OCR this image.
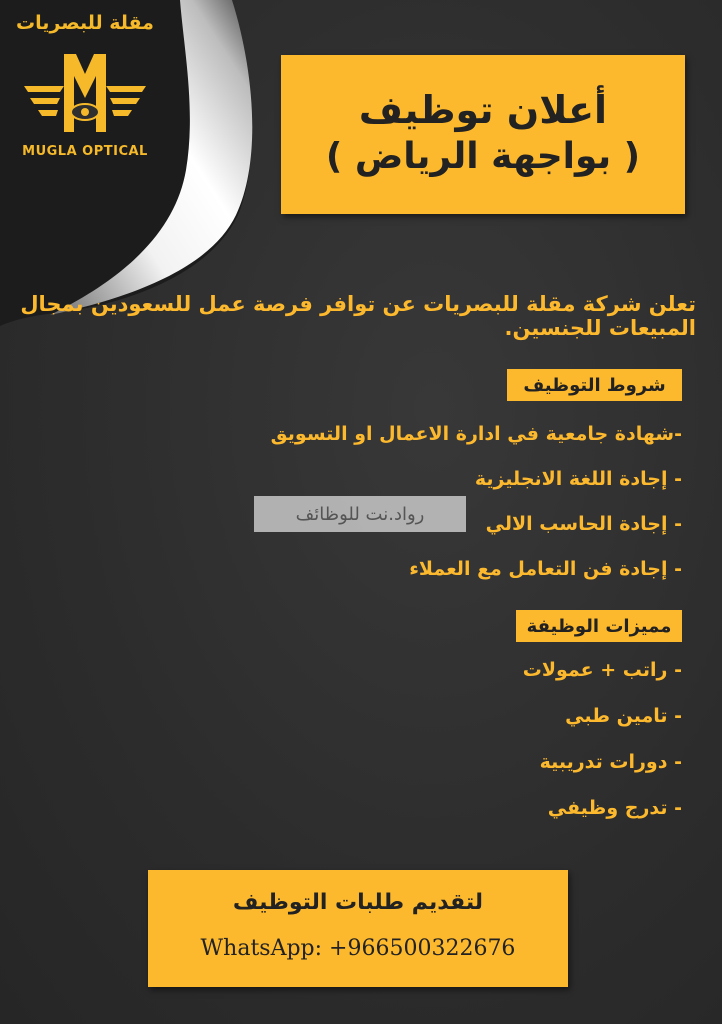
مقلة للبصريات
MUGLA OPTICAL
أعلان توظيف
( بواجهة الرياض )
تعلن شركة مقلة للبصريات عن توافر فرصة عمل للسعودين بمجال المبيعات للجنسين.
شروط التوظيف
-شهادة جامعية في ادارة الاعمال او التسويق
- إجادة اللغة الانجليزية
- إجادة الحاسب الالي
- إجادة فن التعامل مع العملاء
رواد.نت للوظائف
مميزات الوظيفة
- راتب + عمولات
- تامين طبي
- دورات تدريبية
- تدرج وظيفي
لتقديم طلبات التوظيف
WhatsApp: +966500322676
